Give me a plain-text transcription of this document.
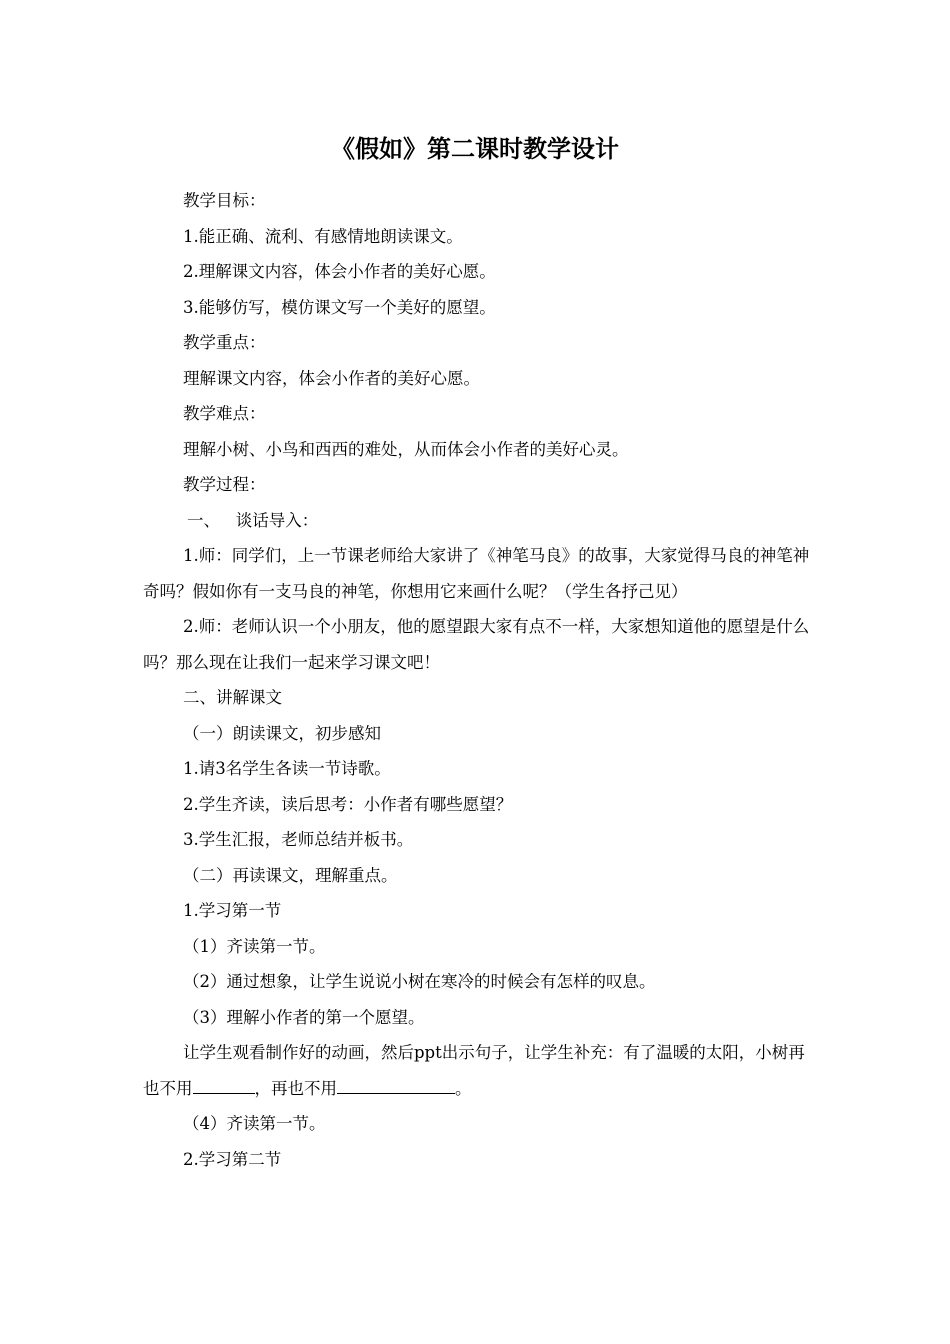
《假如》第二课时教学设计

教学目标：

1.能正确、流利、有感情地朗读课文。

2.理解课文内容，体会小作者的美好心愿。

3.能够仿写，模仿课文写一个美好的愿望。

教学重点：

理解课文内容，体会小作者的美好心愿。

教学难点：

理解小树、小鸟和西西的难处，从而体会小作者的美好心灵。

教学过程：

一、   谈话导入：

1.师：同学们，上一节课老师给大家讲了《神笔马良》的故事，大家觉得马良的神笔神奇吗？假如你有一支马良的神笔，你想用它来画什么呢？（学生各抒己见）

2.师：老师认识一个小朋友，他的愿望跟大家有点不一样，大家想知道他的愿望是什么吗？那么现在让我们一起来学习课文吧！

二、讲解课文

（一）朗读课文，初步感知

1.请3名学生各读一节诗歌。

2.学生齐读，读后思考：小作者有哪些愿望？

3.学生汇报，老师总结并板书。

（二）再读课文，理解重点。

1.学习第一节

（1）齐读第一节。

（2）通过想象，让学生说说小树在寒冷的时候会有怎样的叹息。

（3）理解小作者的第一个愿望。

让学生观看制作好的动画，然后ppt出示句子，让学生补充：有了温暖的太阳，小树再也不用	，再也不用	。

（4）齐读第一节。

2.学习第二节
